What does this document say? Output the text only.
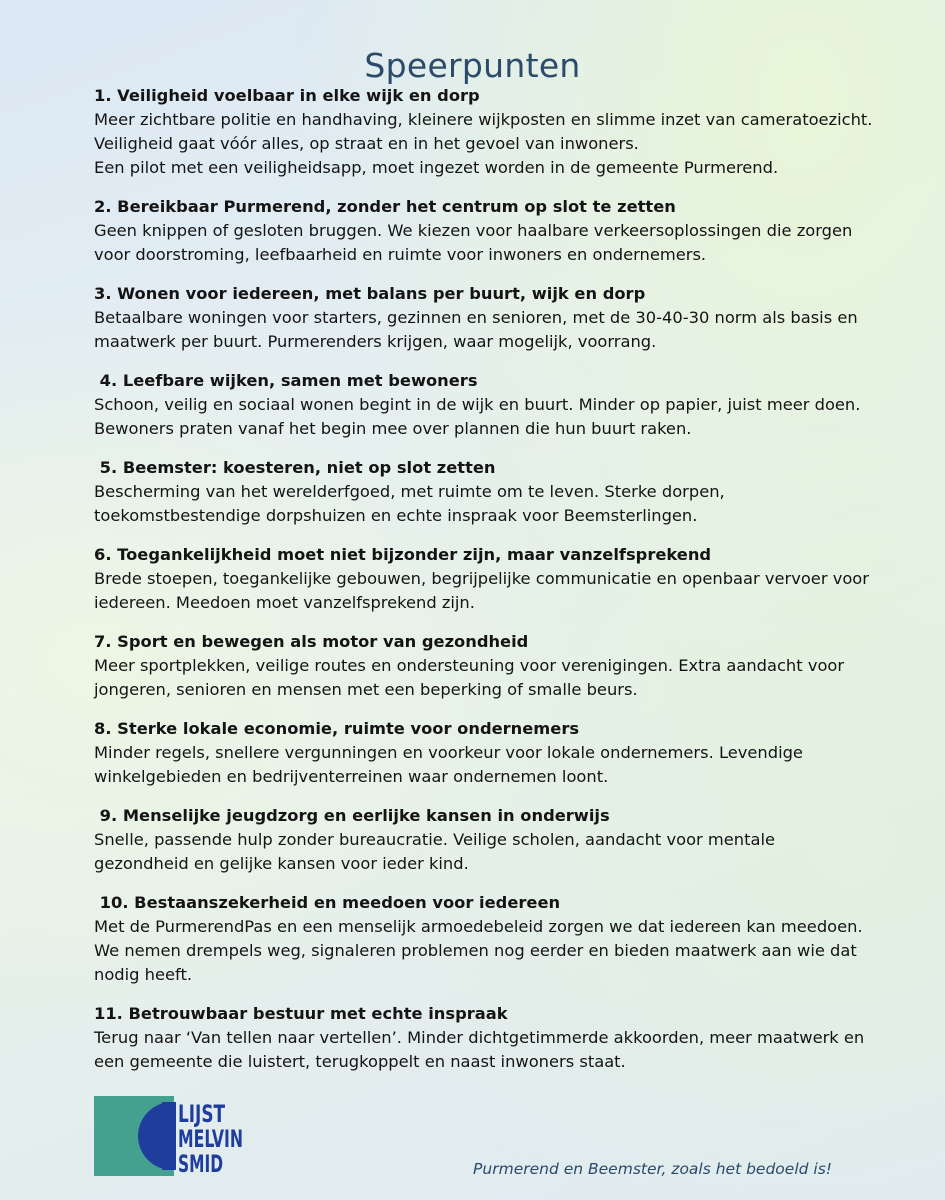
Speerpunten
1. Veiligheid voelbaar in elke wijk en dorp
Meer zichtbare politie en handhaving, kleinere wijkposten en slimme inzet van cameratoezicht.
Veiligheid gaat vóór alles, op straat en in het gevoel van inwoners.
Een pilot met een veiligheidsapp, moet ingezet worden in de gemeente Purmerend.
2. Bereikbaar Purmerend, zonder het centrum op slot te zetten
Geen knippen of gesloten bruggen. We kiezen voor haalbare verkeersoplossingen die zorgen
voor doorstroming, leefbaarheid en ruimte voor inwoners en ondernemers.
3. Wonen voor iedereen, met balans per buurt, wijk en dorp
Betaalbare woningen voor starters, gezinnen en senioren, met de 30-40-30 norm als basis en
maatwerk per buurt. Purmerenders krijgen, waar mogelijk, voorrang.
4. Leefbare wijken, samen met bewoners
Schoon, veilig en sociaal wonen begint in de wijk en buurt. Minder op papier, juist meer doen.
Bewoners praten vanaf het begin mee over plannen die hun buurt raken.
5. Beemster: koesteren, niet op slot zetten
Bescherming van het werelderfgoed, met ruimte om te leven. Sterke dorpen,
toekomstbestendige dorpshuizen en echte inspraak voor Beemsterlingen.
6. Toegankelijkheid moet niet bijzonder zijn, maar vanzelfsprekend
Brede stoepen, toegankelijke gebouwen, begrijpelijke communicatie en openbaar vervoer voor
iedereen. Meedoen moet vanzelfsprekend zijn.
7. Sport en bewegen als motor van gezondheid
Meer sportplekken, veilige routes en ondersteuning voor verenigingen. Extra aandacht voor
jongeren, senioren en mensen met een beperking of smalle beurs.
8. Sterke lokale economie, ruimte voor ondernemers
Minder regels, snellere vergunningen en voorkeur voor lokale ondernemers. Levendige
winkelgebieden en bedrijventerreinen waar ondernemen loont.
9. Menselijke jeugdzorg en eerlijke kansen in onderwijs
Snelle, passende hulp zonder bureaucratie. Veilige scholen, aandacht voor mentale
gezondheid en gelijke kansen voor ieder kind.
10. Bestaanszekerheid en meedoen voor iedereen
Met de PurmerendPas en een menselijk armoedebeleid zorgen we dat iedereen kan meedoen.
We nemen drempels weg, signaleren problemen nog eerder en bieden maatwerk aan wie dat
nodig heeft.
11. Betrouwbaar bestuur met echte inspraak
Terug naar ‘Van tellen naar vertellen’. Minder dichtgetimmerde akkoorden, meer maatwerk en
een gemeente die luistert, terugkoppelt en naast inwoners staat.
LIJST
MELVIN
SMID	Purmerend en Beemster, zoals het bedoeld is!
